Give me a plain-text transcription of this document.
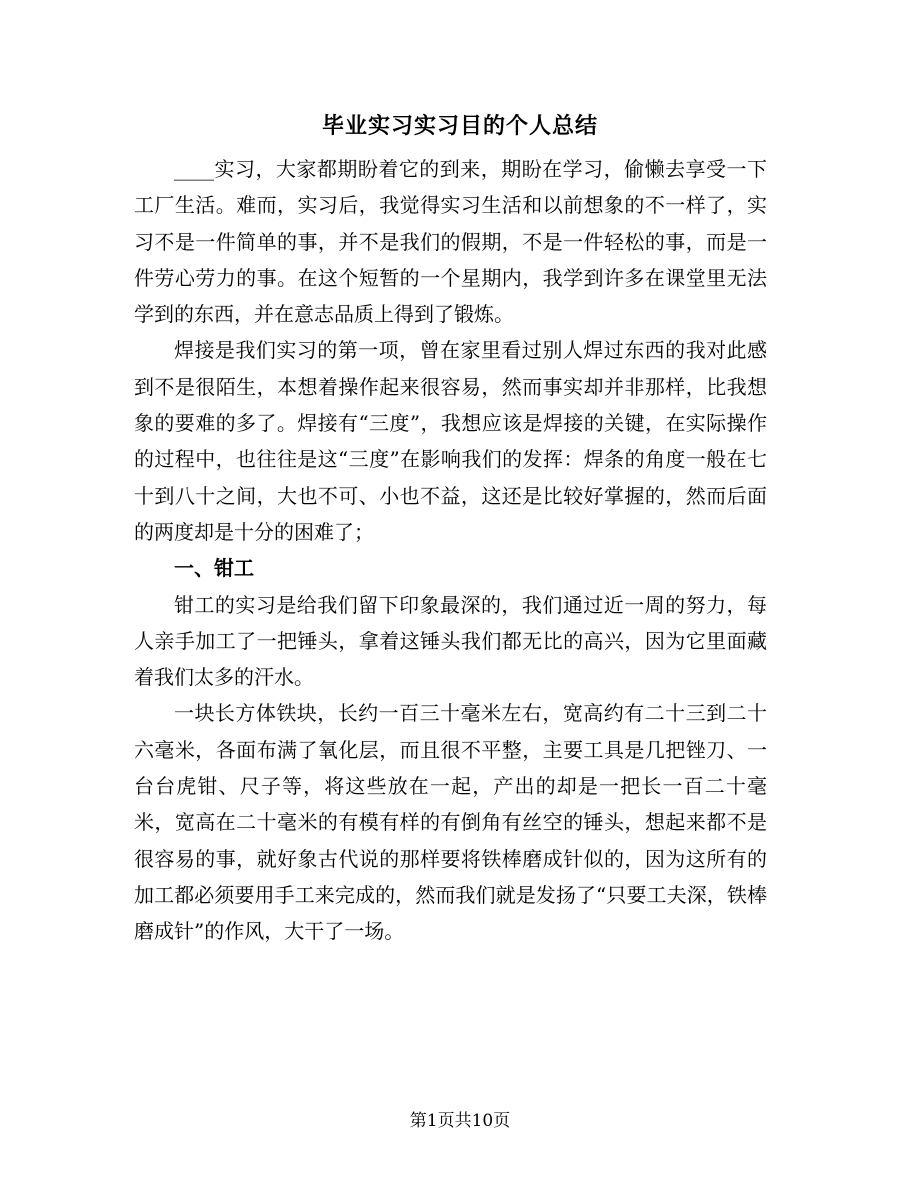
毕业实习实习目的个人总结

____实习，大家都期盼着它的到来，期盼在学习，偷懒去享受一下工厂生活。难而，实习后，我觉得实习生活和以前想象的不一样了，实习不是一件简单的事，并不是我们的假期，不是一件轻松的事，而是一件劳心劳力的事。在这个短暂的一个星期内，我学到许多在课堂里无法学到的东西，并在意志品质上得到了锻炼。

焊接是我们实习的第一项，曾在家里看过别人焊过东西的我对此感到不是很陌生，本想着操作起来很容易，然而事实却并非那样，比我想象的要难的多了。焊接有“三度”，我想应该是焊接的关键，在实际操作的过程中，也往往是这“三度”在影响我们的发挥：焊条的角度一般在七十到八十之间，大也不可、小也不益，这还是比较好掌握的，然而后面的两度却是十分的困难了；

一、钳工

钳工的实习是给我们留下印象最深的，我们通过近一周的努力，每人亲手加工了一把锤头，拿着这锤头我们都无比的高兴，因为它里面藏着我们太多的汗水。

一块长方体铁块，长约一百三十毫米左右，宽高约有二十三到二十六毫米，各面布满了氧化层，而且很不平整，主要工具是几把锉刀、一台台虎钳、尺子等，将这些放在一起，产出的却是一把长一百二十毫米，宽高在二十毫米的有模有样的有倒角有丝空的锤头，想起来都不是很容易的事，就好象古代说的那样要将铁棒磨成针似的，因为这所有的加工都必须要用手工来完成的，然而我们就是发扬了“只要工夫深，铁棒磨成针”的作风，大干了一场。

第1页共10页
